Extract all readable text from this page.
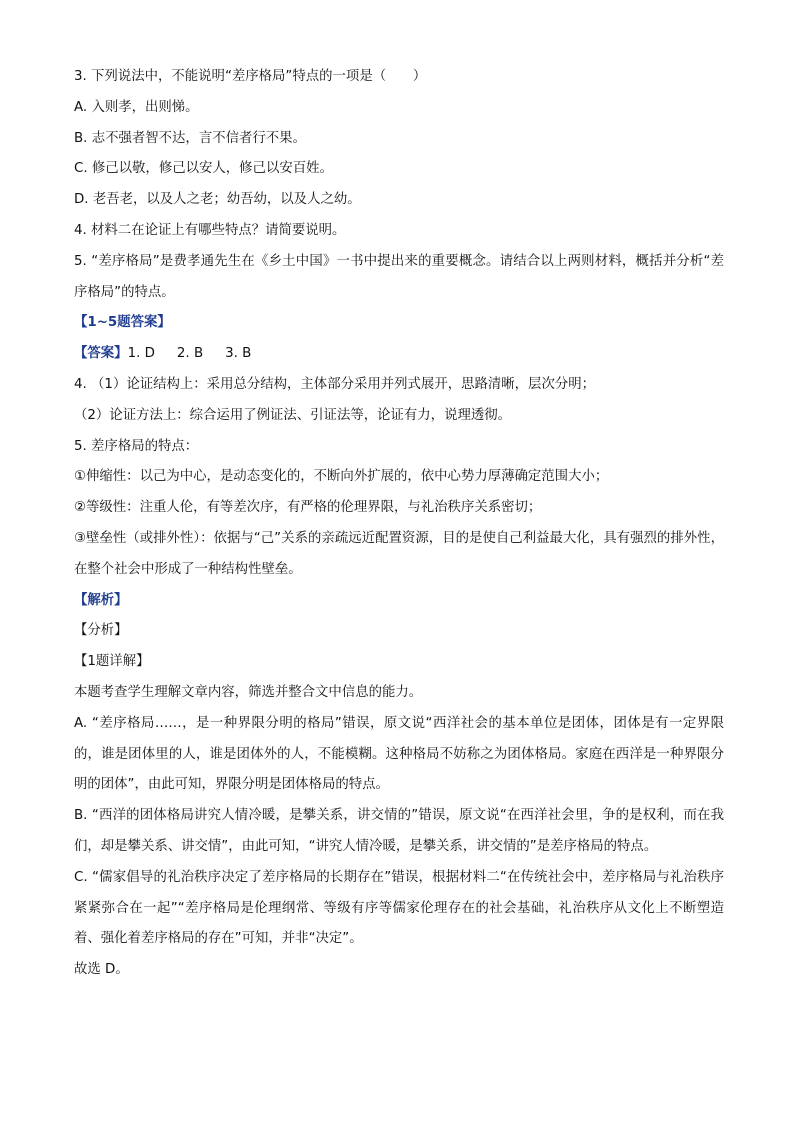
3. 下列说法中，不能说明“差序格局”特点的一项是（　　）
A. 入则孝，出则悌。
B. 志不强者智不达，言不信者行不果。
C. 修己以敬，修己以安人，修己以安百姓。
D. 老吾老，以及人之老；幼吾幼，以及人之幼。
4. 材料二在论证上有哪些特点？请简要说明。
5. “差序格局”是费孝通先生在《乡土中国》一书中提出来的重要概念。请结合以上两则材料，概括并分析“差序格局”的特点。
【1~5题答案】
【答案】1. D 2. B 3. B
4. （1）论证结构上：采用总分结构，主体部分采用并列式展开，思路清晰，层次分明；
（2）论证方法上：综合运用了例证法、引证法等，论证有力，说理透彻。
5. 差序格局的特点：
①伸缩性：以己为中心，是动态变化的，不断向外扩展的，依中心势力厚薄确定范围大小；
②等级性：注重人伦，有等差次序，有严格的伦理界限，与礼治秩序关系密切；
③壁垒性（或排外性）：依据与“己”关系的亲疏远近配置资源，目的是使自己利益最大化，具有强烈的排外性，在整个社会中形成了一种结构性壁垒。
【解析】
【分析】
【1题详解】
本题考查学生理解文章内容，筛选并整合文中信息的能力。
A. “差序格局……，是一种界限分明的格局”错误，原文说“西洋社会的基本单位是团体，团体是有一定界限的，谁是团体里的人，谁是团体外的人，不能模糊。这种格局不妨称之为团体格局。家庭在西洋是一种界限分明的团体”，由此可知，界限分明是团体格局的特点。
B. “西洋的团体格局讲究人情冷暖，是攀关系，讲交情的”错误，原文说“在西洋社会里，争的是权利，而在我们，却是攀关系、讲交情”，由此可知，“讲究人情冷暖，是攀关系，讲交情的”是差序格局的特点。
C. “儒家倡导的礼治秩序决定了差序格局的长期存在”错误，根据材料二“在传统社会中，差序格局与礼治秩序紧紧弥合在一起”“差序格局是伦理纲常、等级有序等儒家伦理存在的社会基础，礼治秩序从文化上不断塑造着、强化着差序格局的存在”可知，并非“决定”。
故选 D。
